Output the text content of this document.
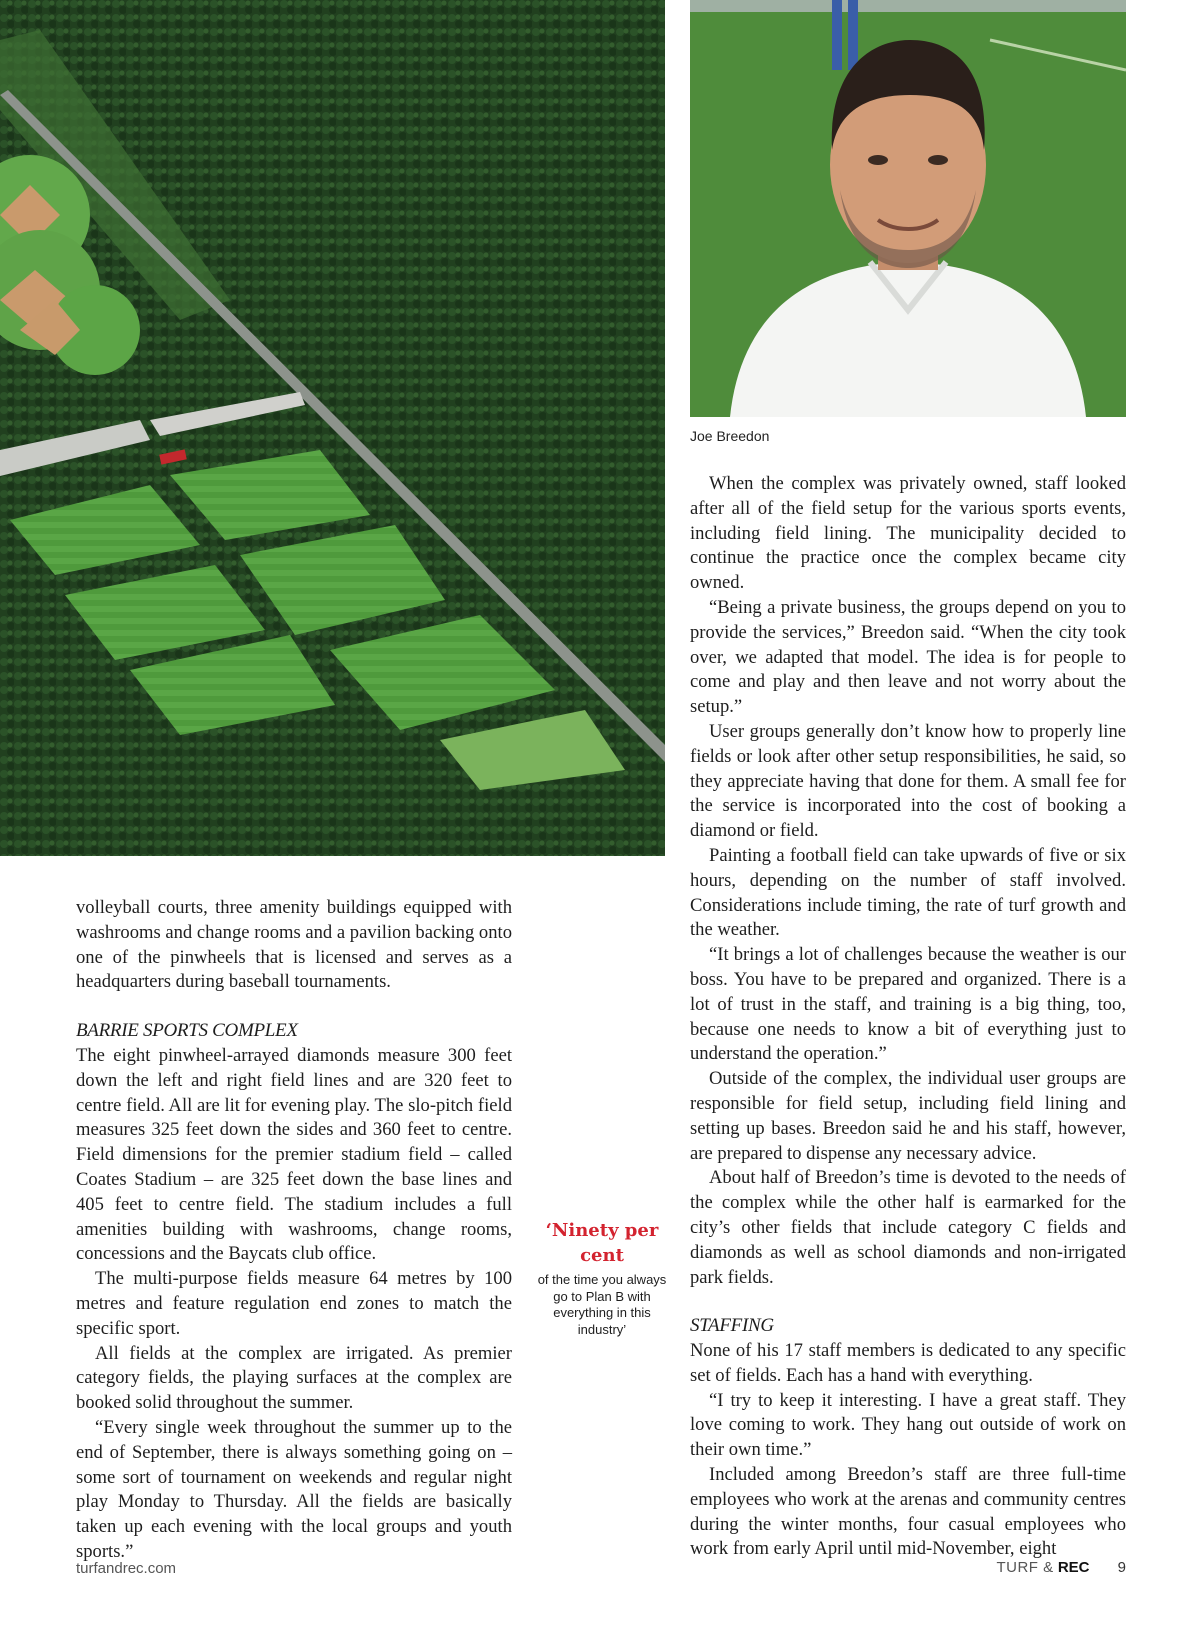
Joe Breedon

volleyball courts, three amenity buildings equipped with washrooms and change rooms and a pavilion backing onto one of the pinwheels that is licensed and serves as a headquarters during baseball tournaments.

BARRIE SPORTS COMPLEX

The eight pinwheel-arrayed diamonds measure 300 feet down the left and right field lines and are 320 feet to centre field. All are lit for evening play. The slo-pitch field measures 325 feet down the sides and 360 feet to centre. Field dimensions for the premier stadium field – called Coates Stadium – are 325 feet down the base lines and 405 feet to centre field. The stadium includes a full amenities building with washrooms, change rooms, concessions and the Baycats club office.

The multi-purpose fields measure 64 metres by 100 metres and feature regulation end zones to match the specific sport.

All fields at the complex are irrigated. As premier category fields, the playing surfaces at the complex are booked solid throughout the summer.

“Every single week throughout the summer up to the end of September, there is always something going on – some sort of tournament on weekends and regular night play Monday to Thursday. All the fields are basically taken up each evening with the local groups and youth sports.”

‘Ninety per cent
of the time you always go to Plan B with everything in this industry’

When the complex was privately owned, staff looked after all of the field setup for the various sports events, including field lining. The municipality decided to continue the practice once the complex became city owned.

“Being a private business, the groups depend on you to provide the services,” Breedon said. “When the city took over, we adapted that model. The idea is for people to come and play and then leave and not worry about the setup.”

User groups generally don’t know how to properly line fields or look after other setup responsibilities, he said, so they appreciate having that done for them. A small fee for the service is incorporated into the cost of booking a diamond or field.

Painting a football field can take upwards of five or six hours, depending on the number of staff involved. Considerations include timing, the rate of turf growth and the weather.

“It brings a lot of challenges because the weather is our boss. You have to be prepared and organized. There is a lot of trust in the staff, and training is a big thing, too, because one needs to know a bit of everything just to understand the operation.”

Outside of the complex, the individual user groups are responsible for field setup, including field lining and setting up bases. Breedon said he and his staff, however, are prepared to dispense any necessary advice.

About half of Breedon’s time is devoted to the needs of the complex while the other half is earmarked for the city’s other fields that include category C fields and diamonds as well as school diamonds and non-irrigated park fields.

STAFFING

None of his 17 staff members is dedicated to any specific set of fields. Each has a hand with everything.

“I try to keep it interesting. I have a great staff. They love coming to work. They hang out outside of work on their own time.”

Included among Breedon’s staff are three full-time employees who work at the arenas and community centres during the winter months, four casual employees who work from early April until mid-November, eight

turfandrec.com	TURF & REC 9
